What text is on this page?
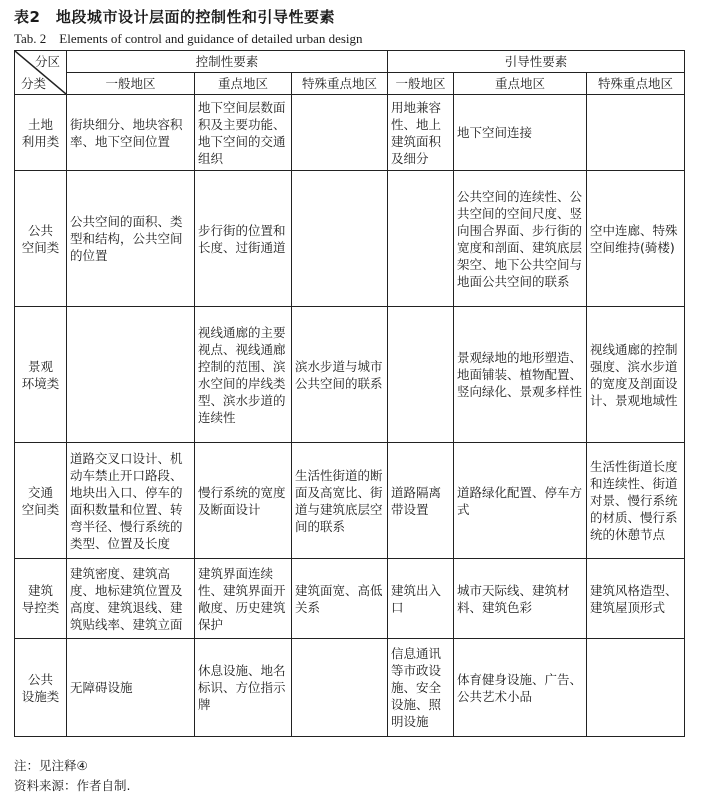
表2　地段城市设计层面的控制性和引导性要素
Tab. 2　Elements of control and guidance of detailed urban design
分区
分类	控制性要素			引导性要素		
	一般地区	重点地区	特殊重点地区	一般地区	重点地区	特殊重点地区
土地
利用类	街块细分、地块容积率、地下空间位置	地下空间层数面积及主要功能、地下空间的交通组织		用地兼容性、地上建筑面积及细分	地下空间连接	
公共
空间类	公共空间的面积、类型和结构，公共空间的位置	步行街的位置和长度、过街通道			公共空间的连续性、公共空间的空间尺度、竖向围合界面、步行街的宽度和剖面、建筑底层架空、地下公共空间与地面公共空间的联系	空中连廊、特殊空间维持(骑楼)
景观
环境类		视线通廊的主要视点、视线通廊控制的范围、滨水空间的岸线类型、滨水步道的连续性	滨水步道与城市公共空间的联系		景观绿地的地形塑造、地面铺装、植物配置、竖向绿化、景观多样性	视线通廊的控制强度、滨水步道的宽度及剖面设计、景观地域性
交通
空间类	道路交叉口设计、机动车禁止开口路段、地块出入口、停车的面积数量和位置、转弯半径、慢行系统的类型、位置及长度	慢行系统的宽度及断面设计	生活性街道的断面及高宽比、街道与建筑底层空间的联系	道路隔离带设置	道路绿化配置、停车方式	生活性街道长度和连续性、街道对景、慢行系统的材质、慢行系统的休憩节点
建筑
导控类	建筑密度、建筑高度、地标建筑位置及高度、建筑退线、建筑贴线率、建筑立面	建筑界面连续性、建筑界面开敞度、历史建筑保护	建筑面宽、高低关系	建筑出入口	城市天际线、建筑材料、建筑色彩	建筑风格造型、建筑屋顶形式
公共
设施类	无障碍设施	休息设施、地名标识、方位指示牌		信息通讯等市政设施、安全设施、照明设施	体育健身设施、广告、公共艺术小品	
注：见注释④
资料来源：作者自制.
